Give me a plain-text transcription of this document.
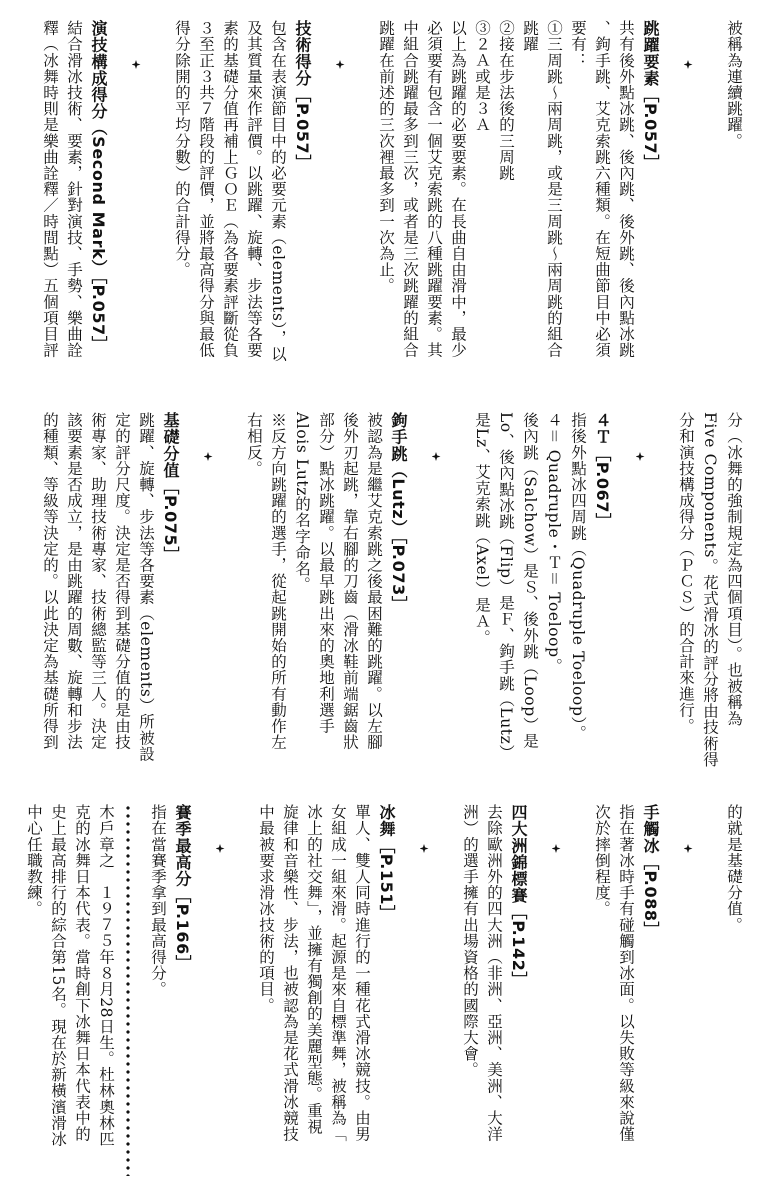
被稱為連續跳躍。
跳躍要素［P.057］
共有後外點冰跳、後內跳、後外跳、後內點冰跳
、鉤手跳、艾克索跳六種類。在短曲節目中必須
要有：
①三周跳～兩周跳，或是三周跳～兩周跳的組合
跳躍
②接在步法後的三周跳
③２Ａ或是３Ａ
以上為跳躍的必要要素。在長曲自由滑中，最少
必須要有包含一個艾克索跳的八種跳躍要素。其
中組合跳躍最多到三次，或者是三次跳躍的組合
跳躍在前述的三次裡最多到一次為止。
技術得分［P.057］
包含在表演節目中的必要元素（elements），以
及其質量來作評價。以跳躍、旋轉、步法等各要
素的基礎分值再補上ＧＯＥ（為各要素評斷從負
３至正３共７階段的評價，並將最高得分與最低
得分除開的平均分數）的合計得分。
演技構成得分（Second Mark）［P.057］
結合滑冰技術、要素，針對演技、手勢、樂曲詮
釋（冰舞時則是樂曲詮釋／時間點）五個項目評
分（冰舞的強制規定為四個項目）。也被稱為
Five Components。花式滑冰的評分將由技術得
分和演技構成得分（ＰＣＳ）的合計來進行。
４Ｔ［P.067］
指後外點冰四周跳（Quadruple Toeloop）。
４＝ Quadruple・Ｔ＝ Toeloop。
後內跳（Salchow）是Ｓ、後外跳（Loop）是
Lo、後內點冰跳（Flip）是Ｆ、鉤手跳（Lutz）
是Lz、艾克索跳（Axel）是Ａ。
鉤手跳（Lutz）［P.073］
被認為是繼艾克索跳之後最困難的跳躍。以左腳
後外刃起跳，靠右腳的刀齒（滑冰鞋前端鋸齒狀
部分）點冰跳躍。以最早跳出來的奧地利選手
Alois Lutz的名字命名。
※反方向跳躍的選手，從起跳開始的所有動作左
右相反。
基礎分值［P.075］
跳躍、旋轉、步法等各要素（elements）所被設
定的評分尺度。決定是否得到基礎分值的是由技
術專家、助理技術專家、技術總監等三人。決定
該要素是否成立，是由跳躍的周數、旋轉和步法
的種類、等級等決定的。以此決定為基礎所得到
的就是基礎分值。
手觸冰［P.088］
指在著冰時手有碰觸到冰面。以失敗等級來說僅
次於摔倒程度。
四大洲錦標賽［P.142］
去除歐洲外的四大洲（非洲、亞洲、美洲、大洋
洲）的選手擁有出場資格的國際大會。
冰舞［P.151］
單人、雙人同時進行的一種花式滑冰競技。由男
女組成一組來滑。起源是來自標準舞，被稱為「
冰上的社交舞」，並擁有獨創的美麗型態。重視
旋律和音樂性、步法，也被認為是花式滑冰競技
中最被要求滑冰技術的項目。
賽季最高分［P.166］
指在當賽季拿到最高得分。
木戶章之　１９７５年８月28日生。杜林奧林匹
克的冰舞日本代表。當時創下冰舞日本代表中的
史上最高排行的綜合第15名。現在於新橫濱滑冰
中心任職教練。
